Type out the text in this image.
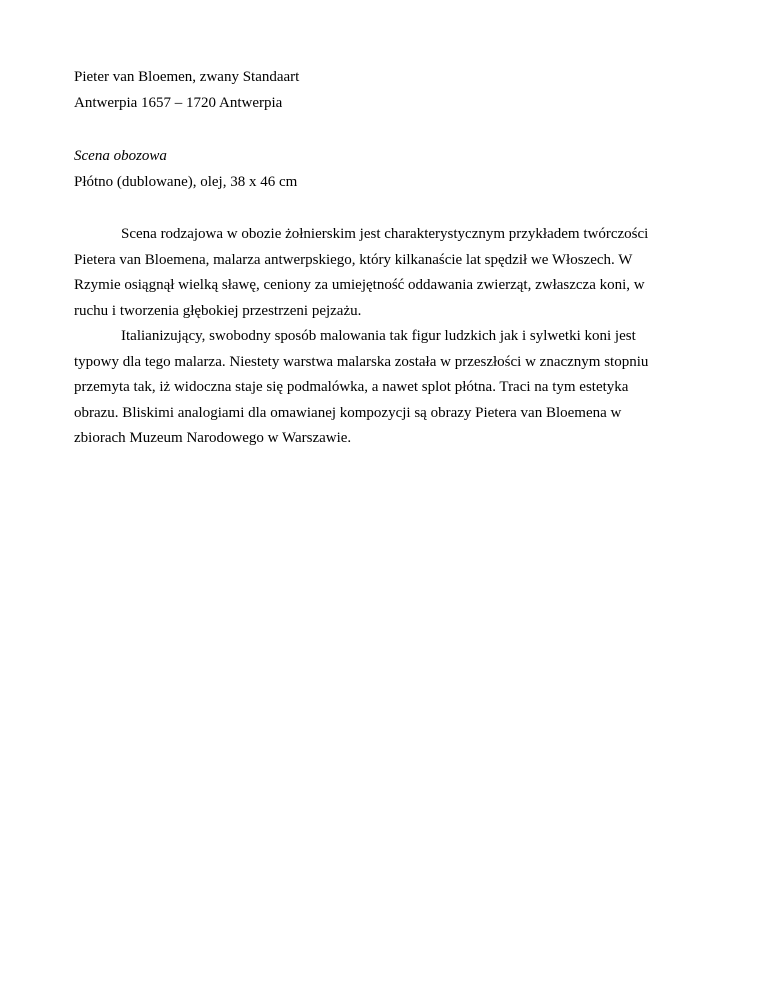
Pieter van Bloemen, zwany Standaart
Antwerpia 1657 – 1720 Antwerpia
Scena obozowa
Płótno (dublowane), olej, 38 x 46 cm
Scena rodzajowa w obozie żołnierskim jest charakterystycznym przykładem twórczości
Pietera van Bloemena, malarza antwerpskiego, który kilkanaście lat spędził we Włoszech. W
Rzymie osiągnął wielką sławę, ceniony za umiejętność oddawania zwierząt, zwłaszcza koni, w
ruchu i tworzenia głębokiej przestrzeni pejzażu.
Italianizujący, swobodny sposób malowania tak figur ludzkich jak i sylwetki koni jest
typowy dla tego malarza. Niestety warstwa malarska została w przeszłości w znacznym stopniu
przemyta tak, iż widoczna staje się podmalówka, a nawet splot płótna. Traci na tym estetyka
obrazu. Bliskimi analogiami dla omawianej kompozycji są obrazy Pietera van Bloemena w
zbiorach Muzeum Narodowego w Warszawie.
